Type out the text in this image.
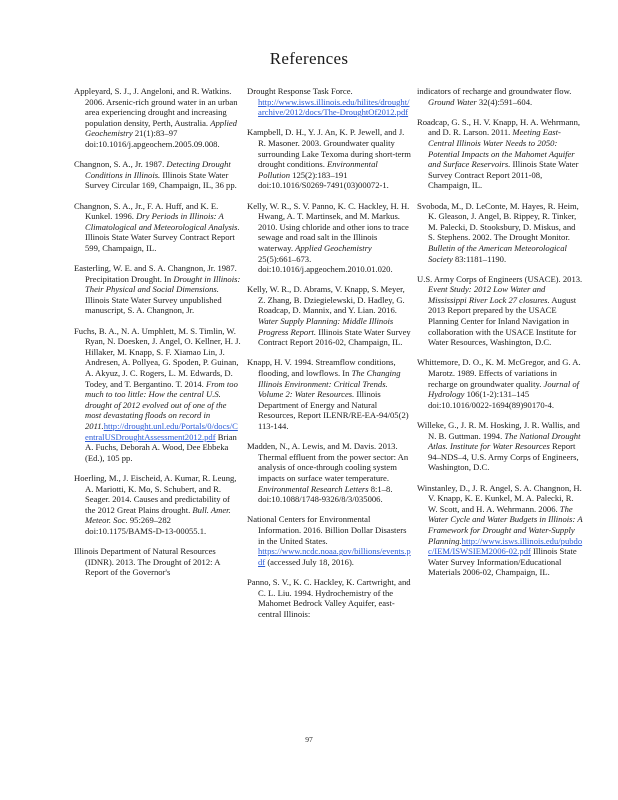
References

Appleyard, S. J., J. Angeloni, and R. Watkins. 2006. Arsenic-rich ground water in an urban area experiencing drought and increasing population density, Perth, Australia. Applied Geochemistry 21(1):83–97 doi:10.1016/j.apgeochem.2005.09.008.

Changnon, S. A., Jr. 1987. Detecting Drought Conditions in Illinois. Illinois State Water Survey Circular 169, Champaign, IL, 36 pp.

Changnon, S. A., Jr., F. A. Huff, and K. E. Kunkel. 1996. Dry Periods in Illinois: A Climatological and Meteorological Analysis. Illinois State Water Survey Contract Report 599, Champaign, IL.

Easterling, W. E. and S. A. Changnon, Jr. 1987. Precipitation Drought. In Drought in Illinois: Their Physical and Social Dimensions. Illinois State Water Survey unpublished manuscript, S. A. Changnon, Jr.

Fuchs, B. A., N. A. Umphlett, M. S. Timlin, W. Ryan, N. Doesken, J. Angel, O. Kellner, H. J. Hillaker, M. Knapp, S. F. Xiamao Lin, J. Andresen, A. Pollyea, G. Spoden, P. Guinan, A. Akyuz, J. C. Rogers, L. M. Edwards, D. Todey, and T. Bergantino. T. 2014. From too much to too little: How the central U.S. drought of 2012 evolved out of one of the most devastating floods on record in 2011.http://drought.unl.edu/Portals/0/docs/CentralUSDroughtAssessment2012.pdf Brian A. Fuchs, Deborah A. Wood, Dee Ebbeka (Ed.), 105 pp.

Hoerling, M., J. Eischeid, A. Kumar, R. Leung, A. Mariotti, K. Mo, S. Schubert, and R. Seager. 2014. Causes and predictability of the 2012 Great Plains drought. Bull. Amer. Meteor. Soc. 95:269–282 doi:10.1175/BAMS-D-13-00055.1.

Illinois Department of Natural Resources (IDNR). 2013. The Drought of 2012: A Report of the Governor's

Drought Response Task Force. http://www.isws.illinois.edu/hilites/drought/archive/2012/docs/The-DroughtOf2012.pdf

Kampbell, D. H., Y. J. An, K. P. Jewell, and J. R. Masoner. 2003. Groundwater quality surrounding Lake Texoma during short-term drought conditions. Environmental Pollution 125(2):183–191 doi:10.1016/S0269-7491(03)00072-1.

Kelly, W. R., S. V. Panno, K. C. Hackley, H. H. Hwang, A. T. Martinsek, and M. Markus. 2010. Using chloride and other ions to trace sewage and road salt in the Illinois waterway. Applied Geochemistry 25(5):661–673. doi:10.1016/j.apgeochem.2010.01.020.

Kelly, W. R., D. Abrams, V. Knapp, S. Meyer, Z. Zhang, B. Dziegielewski, D. Hadley, G. Roadcap, D. Mannix, and Y. Lian. 2016. Water Supply Planning: Middle Illinois Progress Report. Illinois State Water Survey Contract Report 2016-02, Champaign, IL.

Knapp, H. V. 1994. Streamflow conditions, flooding, and lowflows. In The Changing Illinois Environment: Critical Trends. Volume 2: Water Resources. Illinois Department of Energy and Natural Resources, Report ILENR/RE-EA-94/05(2) 113-144.

Madden, N., A. Lewis, and M. Davis. 2013. Thermal effluent from the power sector: An analysis of once-through cooling system impacts on surface water temperature. Environmental Research Letters 8:1–8. doi:10.1088/1748-9326/8/3/035006.

National Centers for Environmental Information. 2016. Billion Dollar Disasters in the United States. https://www.ncdc.noaa.gov/billions/events.pdf (accessed July 18, 2016).

Panno, S. V., K. C. Hackley, K. Cartwright, and C. L. Liu. 1994. Hydrochemistry of the Mahomet Bedrock Valley Aquifer, east-central Illinois:

indicators of recharge and groundwater flow. Ground Water 32(4):591–604.

Roadcap, G. S., H. V. Knapp, H. A. Wehrmann, and D. R. Larson. 2011. Meeting East-Central Illinois Water Needs to 2050: Potential Impacts on the Mahomet Aquifer and Surface Reservoirs. Illinois State Water Survey Contract Report 2011-08, Champaign, IL.

Svoboda, M., D. LeConte, M. Hayes, R. Heim, K. Gleason, J. Angel, B. Rippey, R. Tinker, M. Palecki, D. Stooksbury, D. Miskus, and S. Stephens. 2002. The Drought Monitor. Bulletin of the American Meteorological Society 83:1181–1190.

U.S. Army Corps of Engineers (USACE). 2013. Event Study: 2012 Low Water and Mississippi River Lock 27 closures. August 2013 Report prepared by the USACE Planning Center for Inland Navigation in collaboration with the USACE Institute for Water Resources, Washington, D.C.

Whittemore, D. O., K. M. McGregor, and G. A. Marotz. 1989. Effects of variations in recharge on groundwater quality. Journal of Hydrology 106(1-2):131–145 doi:10.1016/0022-1694(89)90170-4.

Willeke, G., J. R. M. Hosking, J. R. Wallis, and N. B. Guttman. 1994. The National Drought Atlas. Institute for Water Resources Report 94–NDS–4, U.S. Army Corps of Engineers, Washington, D.C.

Winstanley, D., J. R. Angel, S. A. Changnon, H. V. Knapp, K. E. Kunkel, M. A. Palecki, R. W. Scott, and H. A. Wehrmann. 2006. The Water Cycle and Water Budgets in Illinois: A Framework for Drought and Water-Supply Planning.http://www.isws.illinois.edu/pubdoc/IEM/ISWSIEM2006-02.pdf Illinois State Water Survey Information/Educational Materials 2006-02, Champaign, IL.

97
